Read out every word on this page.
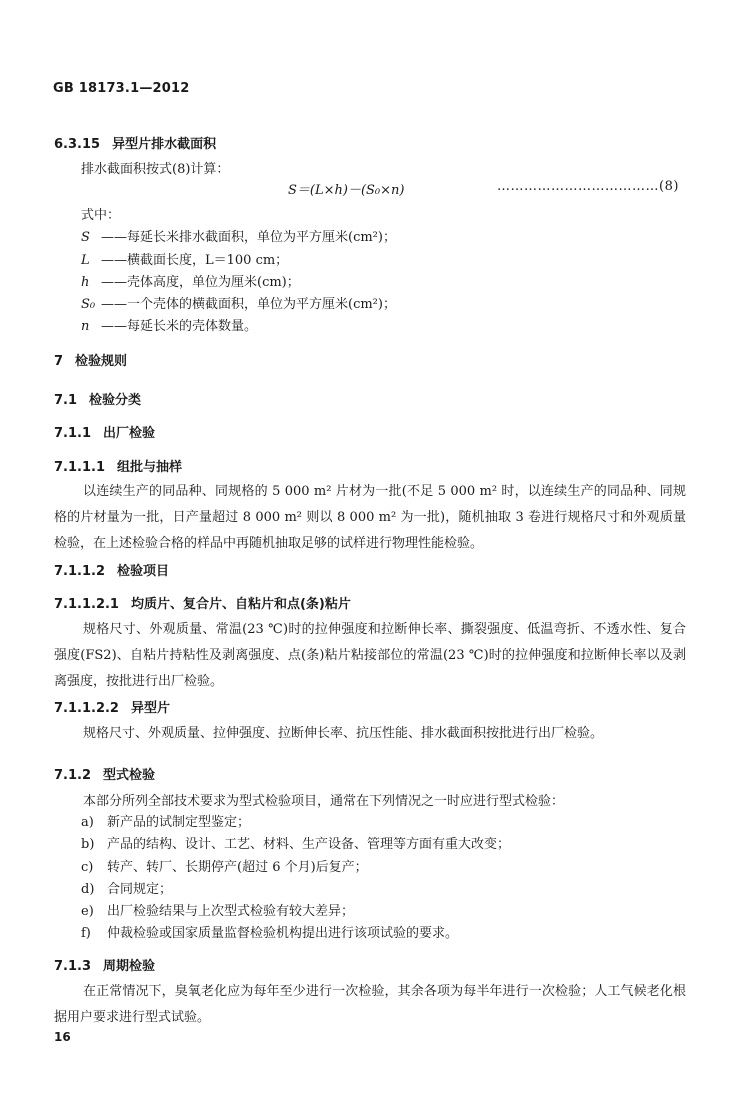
GB 18173.1—2012
6.3.15 异型片排水截面积
排水截面积按式(8)计算：
S＝(L×h)－(S₀×n)	………………………………(8)
式中：
S ——每延长米排水截面积，单位为平方厘米(cm²)；
L ——横截面长度，L＝100 cm；
h ——壳体高度，单位为厘米(cm)；
S₀ ——一个壳体的横截面积，单位为平方厘米(cm²)；
n ——每延长米的壳体数量。
7 检验规则
7.1 检验分类
7.1.1 出厂检验
7.1.1.1 组批与抽样
以连续生产的同品种、同规格的 5 000 m² 片材为一批(不足 5 000 m² 时，以连续生产的同品种、同规格的片材量为一批，日产量超过 8 000 m² 则以 8 000 m² 为一批)，随机抽取 3 卷进行规格尺寸和外观质量检验，在上述检验合格的样品中再随机抽取足够的试样进行物理性能检验。
7.1.1.2 检验项目
7.1.1.2.1 均质片、复合片、自粘片和点(条)粘片
规格尺寸、外观质量、常温(23 ℃)时的拉伸强度和拉断伸长率、撕裂强度、低温弯折、不透水性、复合强度(FS2)、自粘片持粘性及剥离强度、点(条)粘片粘接部位的常温(23 ℃)时的拉伸强度和拉断伸长率以及剥离强度，按批进行出厂检验。
7.1.1.2.2 异型片
规格尺寸、外观质量、拉伸强度、拉断伸长率、抗压性能、排水截面积按批进行出厂检验。
7.1.2 型式检验
本部分所列全部技术要求为型式检验项目，通常在下列情况之一时应进行型式检验：
a) 新产品的试制定型鉴定；
b) 产品的结构、设计、工艺、材料、生产设备、管理等方面有重大改变；
c) 转产、转厂、长期停产(超过 6 个月)后复产；
d) 合同规定；
e) 出厂检验结果与上次型式检验有较大差异；
f) 仲裁检验或国家质量监督检验机构提出进行该项试验的要求。
7.1.3 周期检验
在正常情况下，臭氧老化应为每年至少进行一次检验，其余各项为每半年进行一次检验；人工气候老化根据用户要求进行型式试验。
16
